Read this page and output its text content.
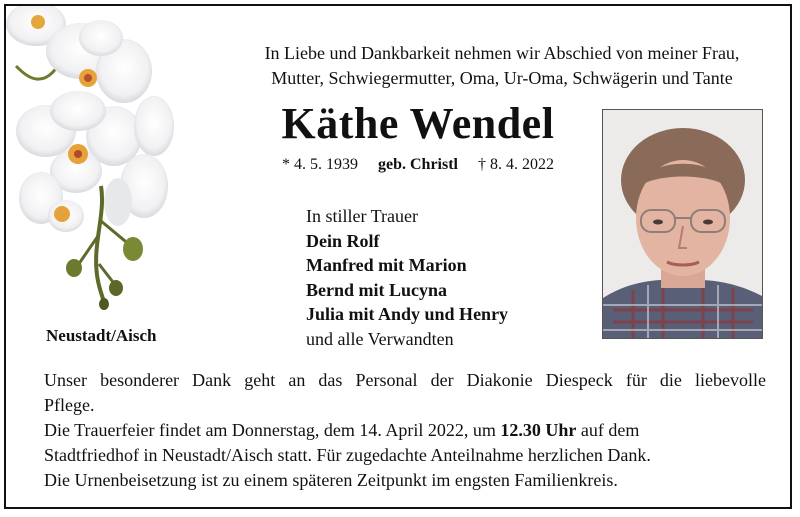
In Liebe und Dankbarkeit nehmen wir Abschied von meiner Frau,
Mutter, Schwiegermutter, Oma, Ur-Oma, Schwägerin und Tante
Käthe Wendel
* 4. 5. 1939 geb. Christl † 8. 4. 2022
In stiller Trauer
Dein Rolf
Manfred mit Marion
Bernd mit Lucyna
Julia mit Andy und Henry
und alle Verwandten
Neustadt/Aisch

Unser besonderer Dank geht an das Personal der Diakonie Diespeck für die liebevolle

Pflege.

Die Trauerfeier findet am Donnerstag, dem 14. April 2022, um 12.30 Uhr auf dem

Stadtfriedhof in Neustadt/Aisch statt. Für zugedachte Anteilnahme herzlichen Dank.

Die Urnenbeisetzung ist zu einem späteren Zeitpunkt im engsten Familienkreis.
